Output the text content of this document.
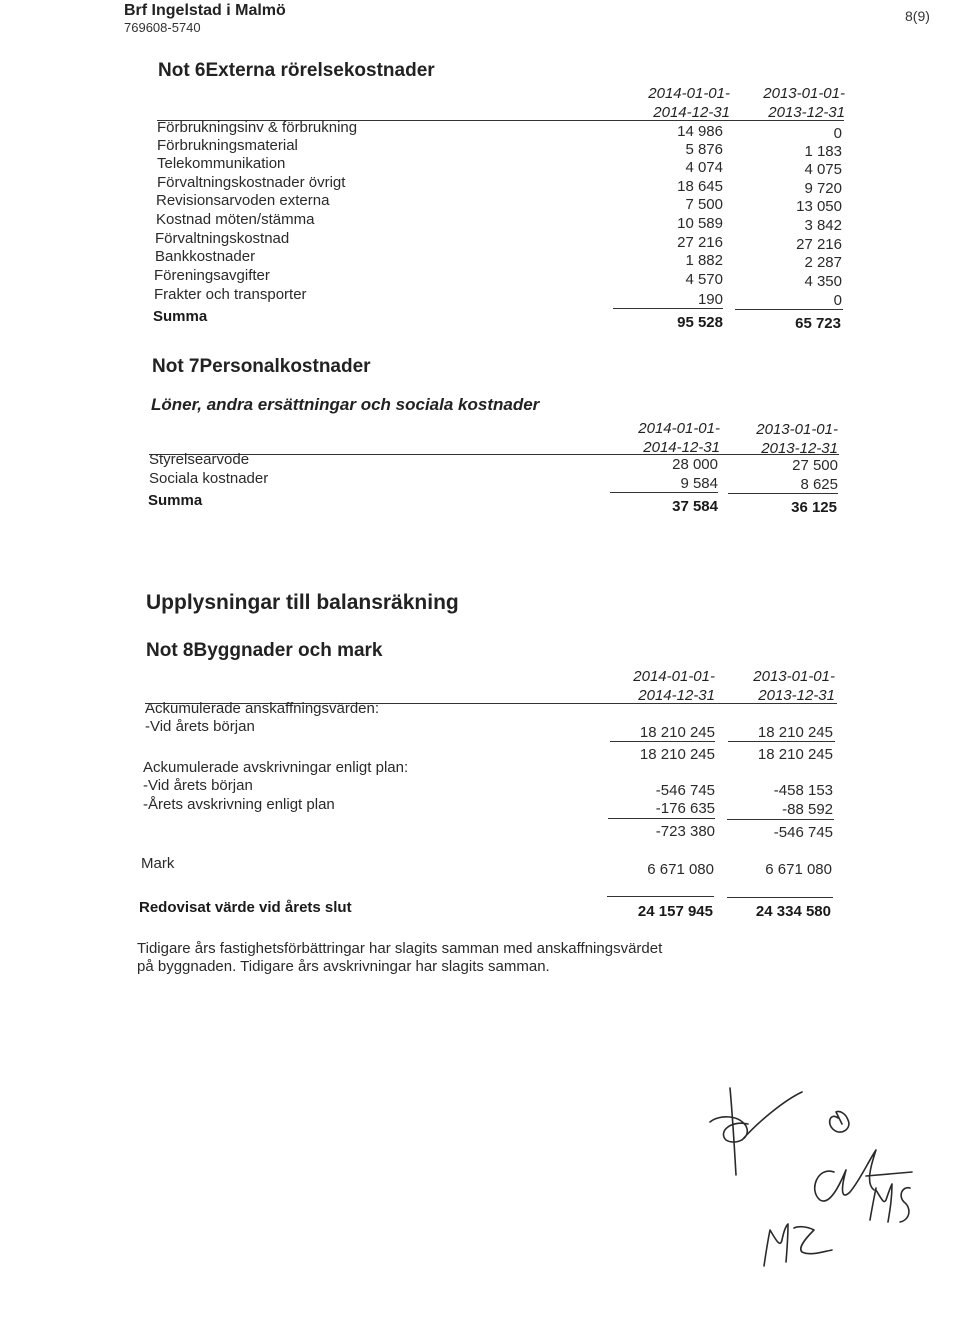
Brf Ingelstad i Malmö
769608-5740
8(9)
Not 6Externa rörelsekostnader
2014-01-01-
2014-12-31
2013-01-01-
2013-12-31
Förbrukningsinv & förbrukning	14 986	0
Förbrukningsmaterial	5 876	1 183
Telekommunikation	4 074	4 075
Förvaltningskostnader övrigt	18 645	9 720
Revisionsarvoden externa	7 500	13 050
Kostnad möten/stämma	10 589	3 842
Förvaltningskostnad	27 216	27 216
Bankkostnader	1 882	2 287
Föreningsavgifter	4 570	4 350
Frakter och transporter	190	0
Summa	95 528	65 723
Not 7Personalkostnader
Löner, andra ersättningar och sociala kostnader
2014-01-01-
2014-12-31
2013-01-01-
2013-12-31
Styrelsearvode	28 000	27 500
Sociala kostnader	9 584	8 625
Summa	37 584	36 125
Upplysningar till balansräkning
Not 8Byggnader och mark
2014-01-01-
2014-12-31
2013-01-01-
2013-12-31
Ackumulerade anskaffningsvärden:
-Vid årets början	18 210 245	18 210 245
18 210 245	18 210 245
Ackumulerade avskrivningar enligt plan:
-Vid årets början	-546 745	-458 153
-Årets avskrivning enligt plan	-176 635	-88 592
-723 380	-546 745
Mark	6 671 080	6 671 080
Redovisat värde vid årets slut	24 157 945	24 334 580
Tidigare års fastighetsförbättringar har slagits samman med anskaffningsvärdet
på byggnaden. Tidigare års avskrivningar har slagits samman.
